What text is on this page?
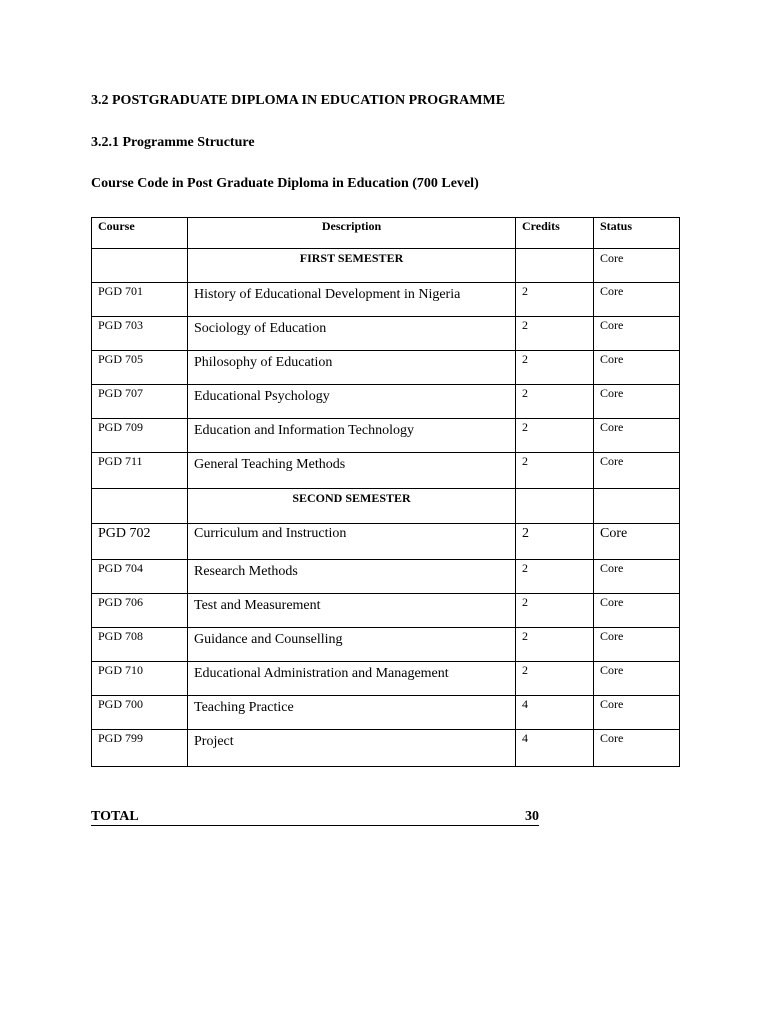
3.2 POSTGRADUATE DIPLOMA IN EDUCATION PROGRAMME
3.2.1 Programme Structure
Course Code in Post Graduate Diploma in Education (700 Level)
Course	Description	Credits	Status

	FIRST SEMESTER		Core

PGD 701	History of Educational Development in Nigeria	2	Core

PGD 703	Sociology of Education	2	Core

PGD 705	Philosophy of Education	2	Core

PGD 707	Educational Psychology	2	Core

PGD 709	Education and Information Technology	2	Core

PGD 711	General Teaching Methods	2	Core

	SECOND SEMESTER		

PGD 702	Curriculum and Instruction	2	Core

PGD 704	Research Methods	2	Core

PGD 706	Test and Measurement	2	Core

PGD 708	Guidance and Counselling	2	Core

PGD 710	Educational Administration and Management	2	Core

PGD 700	Teaching Practice	4	Core

PGD 799	Project	4	Core
TOTAL	30
